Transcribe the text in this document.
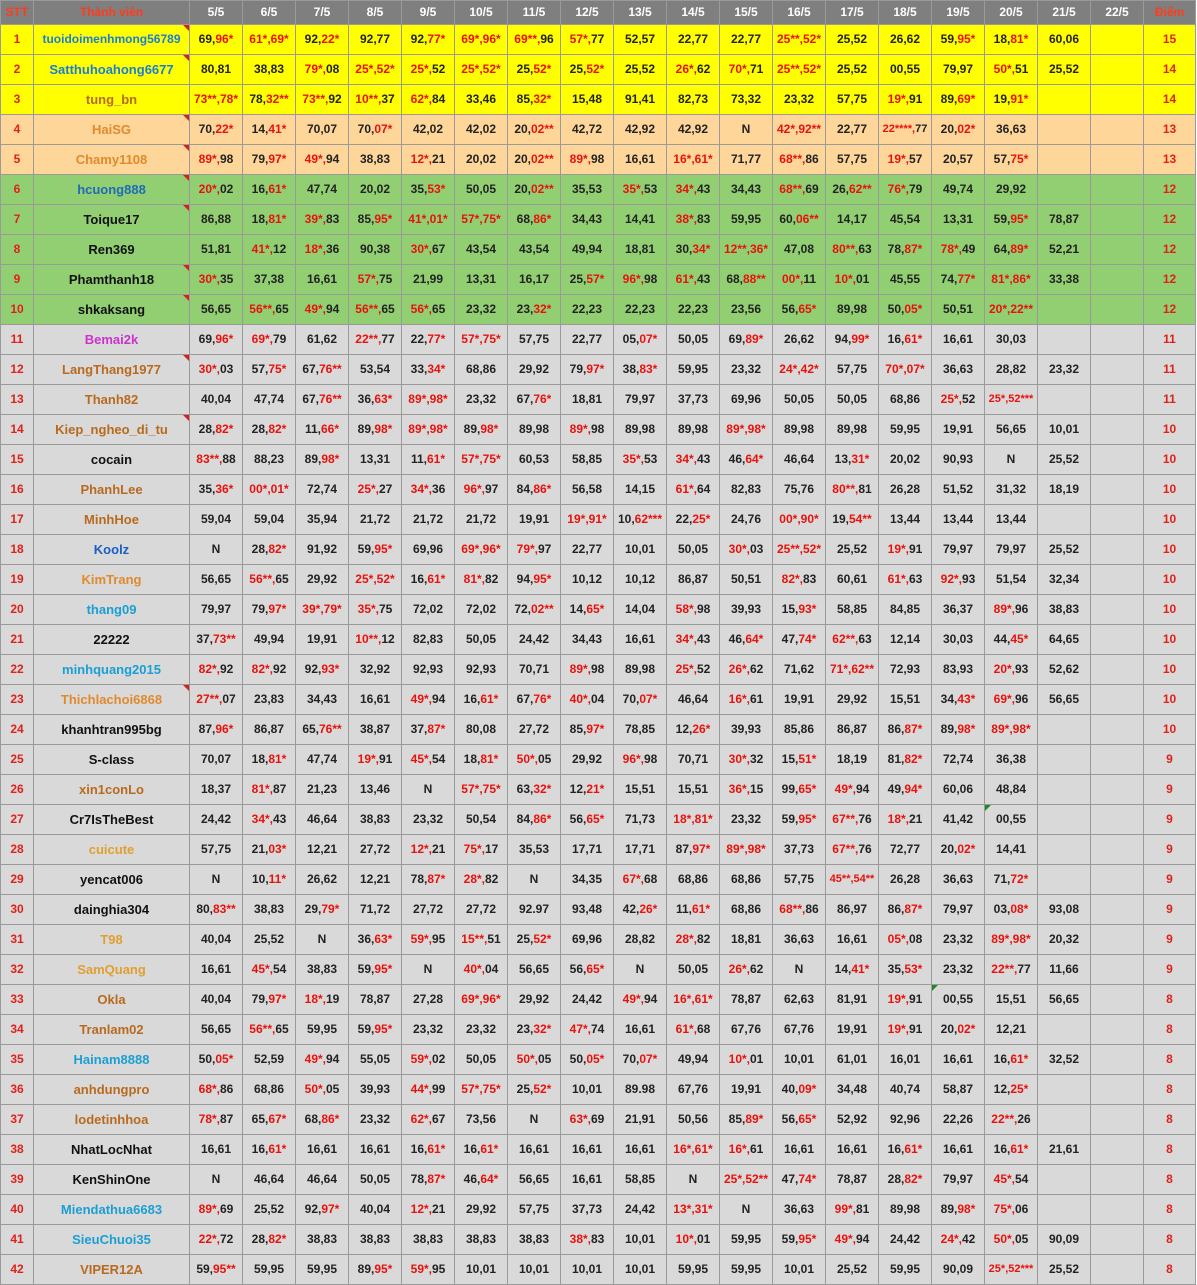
STT	Thành viên	5/5	6/5	7/5	8/5	9/5	10/5	11/5	12/5	13/5	14/5	15/5	16/5	17/5	18/5	19/5	20/5	21/5	22/5	Điểm
1	tuoidoimenhmong56789	69,96*	61*,69*	92,22*	92,77	92,77*	69*,96*	69**,96	57*,77	52,57	22,77	22,77	25**,52*	25,52	26,62	59,95*	18,81*	60,06		15
2	Satthuhoahong6677	80,81	38,83	79*,08	25*,52*	25*,52	25*,52*	25,52*	25,52*	25,52	26*,62	70*,71	25**,52*	25,52	00,55	79,97	50*,51	25,52		14
3	tung_bn	73**,78*	78,32**	73**,92	10**,37	62*,84	33,46	85,32*	15,48	91,41	82,73	73,32	23,32	57,75	19*,91	89,69*	19,91*			14
4	HaiSG	70,22*	14,41*	70,07	70,07*	42,02	42,02	20,02**	42,72	42,92	42,92	N	42*,92**	22,77	22****,77	20,02*	36,63			13
5	Chamy1108	89*,98	79,97*	49*,94	38,83	12*,21	20,02	20,02**	89*,98	16,61	16*,61*	71,77	68**,86	57,75	19*,57	20,57	57,75*			13
6	hcuong888	20*,02	16,61*	47,74	20,02	35,53*	50,05	20,02**	35,53	35*,53	34*,43	34,43	68**,69	26,62**	76*,79	49,74	29,92			12
7	Toique17	86,88	18,81*	39*,83	85,95*	41*,01*	57*,75*	68,86*	34,43	14,41	38*,83	59,95	60,06**	14,17	45,54	13,31	59,95*	78,87		12
8	Ren369	51,81	41*,12	18*,36	90,38	30*,67	43,54	43,54	49,94	18,81	30,34*	12**,36*	47,08	80**,63	78,87*	78*,49	64,89*	52,21		12
9	Phamthanh18	30*,35	37,38	16,61	57*,75	21,99	13,31	16,17	25,57*	96*,98	61*,43	68,88**	00*,11	10*,01	45,55	74,77*	81*,86*	33,38		12
10	shkaksang	56,65	56**,65	49*,94	56**,65	56*,65	23,32	23,32*	22,23	22,23	22,23	23,56	56,65*	89,98	50,05*	50,51	20*,22**			12
11	Bemai2k	69,96*	69*,79	61,62	22**,77	22,77*	57*,75*	57,75	22,77	05,07*	50,05	69,89*	26,62	94,99*	16,61*	16,61	30,03			11
12	LangThang1977	30*,03	57,75*	67,76**	53,54	33,34*	68,86	29,92	79,97*	38,83*	59,95	23,32	24*,42*	57,75	70*,07*	36,63	28,82	23,32		11
13	Thanh82	40,04	47,74	67,76**	36,63*	89*,98*	23,32	67,76*	18,81	79,97	37,73	69,96	50,05	50,05	68,86	25*,52	25*,52***			11
14	Kiep_ngheo_di_tu	28,82*	28,82*	11,66*	89,98*	89*,98*	89,98*	89,98	89*,98	89,98	89,98	89*,98*	89,98	89,98	59,95	19,91	56,65	10,01		10
15	cocain	83**,88	88,23	89,98*	13,31	11,61*	57*,75*	60,53	58,85	35*,53	34*,43	46,64*	46,64	13,31*	20,02	90,93	N	25,52		10
16	PhanhLee	35,36*	00*,01*	72,74	25*,27	34*,36	96*,97	84,86*	56,58	14,15	61*,64	82,83	75,76	80**,81	26,28	51,52	31,32	18,19		10
17	MinhHoe	59,04	59,04	35,94	21,72	21,72	21,72	19,91	19*,91*	10,62***	22,25*	24,76	00*,90*	19,54**	13,44	13,44	13,44			10
18	Koolz	N	28,82*	91,92	59,95*	69,96	69*,96*	79*,97	22,77	10,01	50,05	30*,03	25**,52*	25,52	19*,91	79,97	79,97	25,52		10
19	KimTrang	56,65	56**,65	29,92	25*,52*	16,61*	81*,82	94,95*	10,12	10,12	86,87	50,51	82*,83	60,61	61*,63	92*,93	51,54	32,34		10
20	thang09	79,97	79,97*	39*,79*	35*,75	72,02	72,02	72,02**	14,65*	14,04	58*,98	39,93	15,93*	58,85	84,85	36,37	89*,96	38,83		10
21	22222	37,73**	49,94	19,91	10**,12	82,83	50,05	24,42	34,43	16,61	34*,43	46,64*	47,74*	62**,63	12,14	30,03	44,45*	64,65		10
22	minhquang2015	82*,92	82*,92	92,93*	32,92	92,93	92,93	70,71	89*,98	89,98	25*,52	26*,62	71,62	71*,62**	72,93	83,93	20*,93	52,62		10
23	Thichlachoi6868	27**,07	23,83	34,43	16,61	49*,94	16,61*	67,76*	40*,04	70,07*	46,64	16*,61	19,91	29,92	15,51	34,43*	69*,96	56,65		10
24	khanhtran995bg	87,96*	86,87	65,76**	38,87	37,87*	80,08	27,72	85,97*	78,85	12,26*	39,93	85,86	86,87	86,87*	89,98*	89*,98*			10
25	S-class	70,07	18,81*	47,74	19*,91	45*,54	18,81*	50*,05	29,92	96*,98	70,71	30*,32	15,51*	18,19	81,82*	72,74	36,38			9
26	xin1conLo	18,37	81*,87	21,23	13,46	N	57*,75*	63,32*	12,21*	15,51	15,51	36*,15	99,65*	49*,94	49,94*	60,06	48,84			9
27	Cr7IsTheBest	24,42	34*,43	46,64	38,83	23,32	50,54	84,86*	56,65*	71,73	18*,81*	23,32	59,95*	67**,76	18*,21	41,42	00,55			9
28	cuicute	57,75	21,03*	12,21	27,72	12*,21	75*,17	35,53	17,71	17,71	87,97*	89*,98*	37,73	67**,76	72,77	20,02*	14,41			9
29	yencat006	N	10,11*	26,62	12,21	78,87*	28*,82	N	34,35	67*,68	68,86	68,86	57,75	45**,54**	26,28	36,63	71,72*			9
30	dainghia304	80,83**	38,83	29,79*	71,72	27,72	27,72	92.97	93,48	42,26*	11,61*	68,86	68**,86	86,97	86,87*	79,97	03,08*	93,08		9
31	T98	40,04	25,52	N	36,63*	59*,95	15**,51	25,52*	69,96	28,82	28*,82	18,81	36,63	16,61	05*,08	23,32	89*,98*	20,32		9
32	SamQuang	16,61	45*,54	38,83	59,95*	N	40*,04	56,65	56,65*	N	50,05	26*,62	N	14,41*	35,53*	23,32	22**,77	11,66		9
33	Okla	40,04	79,97*	18*,19	78,87	27,28	69*,96*	29,92	24,42	49*,94	16*,61*	78,87	62,63	81,91	19*,91	00,55	15,51	56,65		8
34	Tranlam02	56,65	56**,65	59,95	59,95*	23,32	23,32	23,32*	47*,74	16,61	61*,68	67,76	67,76	19,91	19*,91	20,02*	12,21			8
35	Hainam8888	50,05*	52,59	49*,94	55,05	59*,02	50,05	50*,05	50,05*	70,07*	49,94	10*,01	10,01	61,01	16,01	16,61	16,61*	32,52		8
36	anhdungpro	68*,86	68,86	50*,05	39,93	44*,99	57*,75*	25,52*	10,01	89.98	67,76	19,91	40,09*	34,48	40,74	58,87	12,25*			8
37	lodetinhhoa	78*,87	65,67*	68,86*	23,32	62*,67	73,56	N	63*,69	21,91	50,56	85,89*	56,65*	52,92	92,96	22,26	22**,26			8
38	NhatLocNhat	16,61	16,61*	16,61	16,61	16,61*	16,61*	16,61	16,61	16,61	16*,61*	16*,61	16,61	16,61	16,61*	16,61	16,61*	21,61		8
39	KenShinOne	N	46,64	46,64	50,05	78,87*	46,64*	56,65	16,61	58,85	N	25*,52**	47,74*	78,87	28,82*	79,97	45*,54			8
40	Miendathua6683	89*,69	25,52	92,97*	40,04	12*,21	29,92	57,75	37,73	24,42	13*,31*	N	36,63	99*,81	89,98	89,98*	75*,06			8
41	SieuChuoi35	22*,72	28,82*	38,83	38,83	38,83	38,83	38,83	38*,83	10,01	10*,01	59,95	59,95*	49*,94	24,42	24*,42	50*,05	90,09		8
42	VIPER12A	59,95**	59,95	59,95	89,95*	59*,95	10,01	10,01	10,01	10,01	59,95	59,95	10,01	25,52	59,95	90,09	25*,52***	25,52		8
